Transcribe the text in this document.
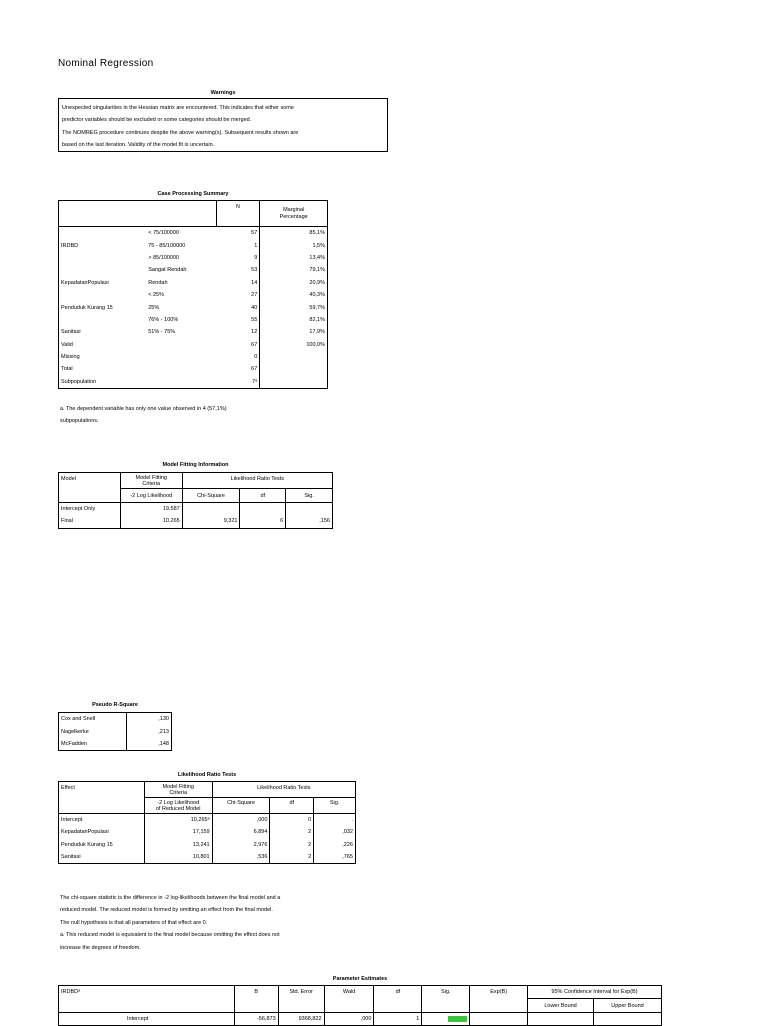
Nominal Regression
Warnings
Unexpected singularities in the Hessian matrix are encountered. This indicates that either some
predictor variables should be excluded or some categories should be merged.
The NOMREG procedure continues despite the above warning(s). Subsequent results shown are
based on the last iteration. Validity of the model fit is uncertain.
Case Processing Summary
		N	Marginal
Percentage

	< 75/100000	57	85,1%
IRDBD	75 - 85/100000	1	1,5%
	> 85/100000	9	13,4%
	Sangat Rendah	53	79,1%
KepadatanPopulasi	Rendah	14	20,9%
	< 25%	27	40,3%
Penduduk Kurang 15	25%	40	59,7%
	76% - 100%	55	82,1%
Sanitasi	51% - 75%	12	17,9%
Valid		67	100,0%
Missing		0	
Total		67	
Subpopulation		7ᵃ	
a. The dependent variable has only one value observed in 4 (57,1%)
subpopulations.
Model Fitting Information
Model	Model Fitting
Criteria	Likelihood Ratio Tests		
	-2 Log Likelihood	Chi-Square	df	Sig.
Intercept Only	19,587			
Final	10,265	9,321	6	,156
Pseudo R-Square
Cox and Snell	,130
Nagelkerke	,213
McFadden	,148
Likelihood Ratio Tests
Effect	Model Fitting
Criteria	Likelihood Ratio Tests		

	-2 Log Likelihood
of Reduced Model	Chi-Square	df	Sig.
Intercept	10,265ᵃ	,000	0	.
KepadatanPopulasi	17,159	6,894	2	,032
Penduduk Kurang 15	13,241	2,976	2	,226
Sanitasi	10,801	,536	2	,765
The chi-square statistic is the difference in -2 log-likelihoods between the final model and a
reduced model. The reduced model is formed by omitting an effect from the final model.
The null hypothesis is that all parameters of that effect are 0.
a. This reduced model is equivalent to the final model because omitting the effect does not
increase the degrees of freedom.
Parameter Estimates
IRDBDᵃ	B	Std. Error	Wald	df	Sig.	Exp(B)	95% Confidence Interval for Exp(B)	
							Lower Bound	Upper Bound
Intercept	-56,873	9368,822	,000	1	,995			
